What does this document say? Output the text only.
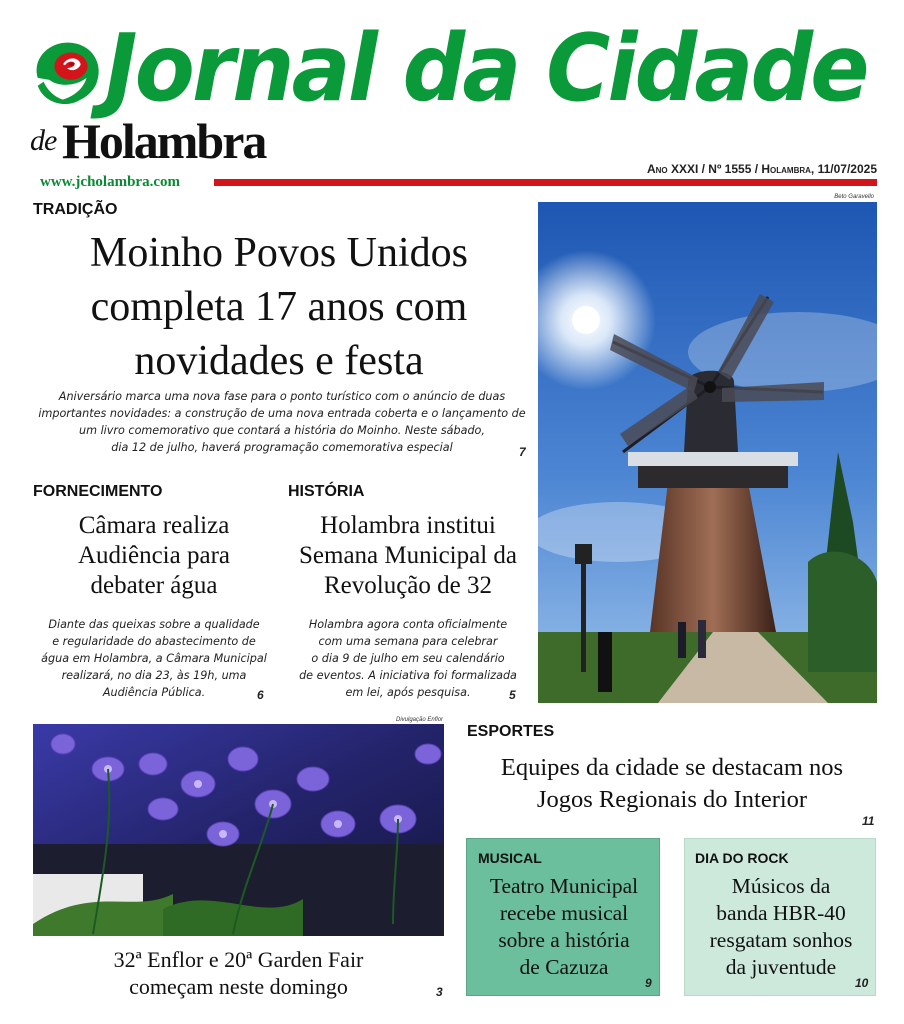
Jornal da Cidade
de Holambra
www.jcholambra.com
Ano XXXI / Nº 1555 / Holambra, 11/07/2025
TRADIÇÃO
Moinho Povos Unidos
completa 17 anos com
novidades e festa
Aniversário marca uma nova fase para o ponto turístico com o anúncio de duas
importantes novidades: a construção de uma nova entrada coberta e o lançamento de
um livro comemorativo que contará a história do Moinho. Neste sábado,
dia 12 de julho, haverá programação comemorativa especial	7
Beto Garavello
FORNECIMENTO
Câmara realiza
Audiência para
debater água
Diante das queixas sobre a qualidade
e regularidade do abastecimento de
água em Holambra, a Câmara Municipal
realizará, no dia 23, às 19h, uma
Audiência Pública.	6
HISTÓRIA
Holambra institui
Semana Municipal da
Revolução de 32
Holambra agora conta oficialmente
com uma semana para celebrar
o dia 9 de julho em seu calendário
de eventos. A iniciativa foi formalizada
em lei, após pesquisa.	5
Divulgação Enflor
32ª Enflor e 20ª Garden Fair
começam neste domingo	3
ESPORTES
Equipes da cidade se destacam nos
Jogos Regionais do Interior
11
MUSICAL
Teatro Municipal
recebe musical
sobre a história
de Cazuza
9
DIA DO ROCK
Músicos da
banda HBR-40
resgatam sonhos
da juventude
10
